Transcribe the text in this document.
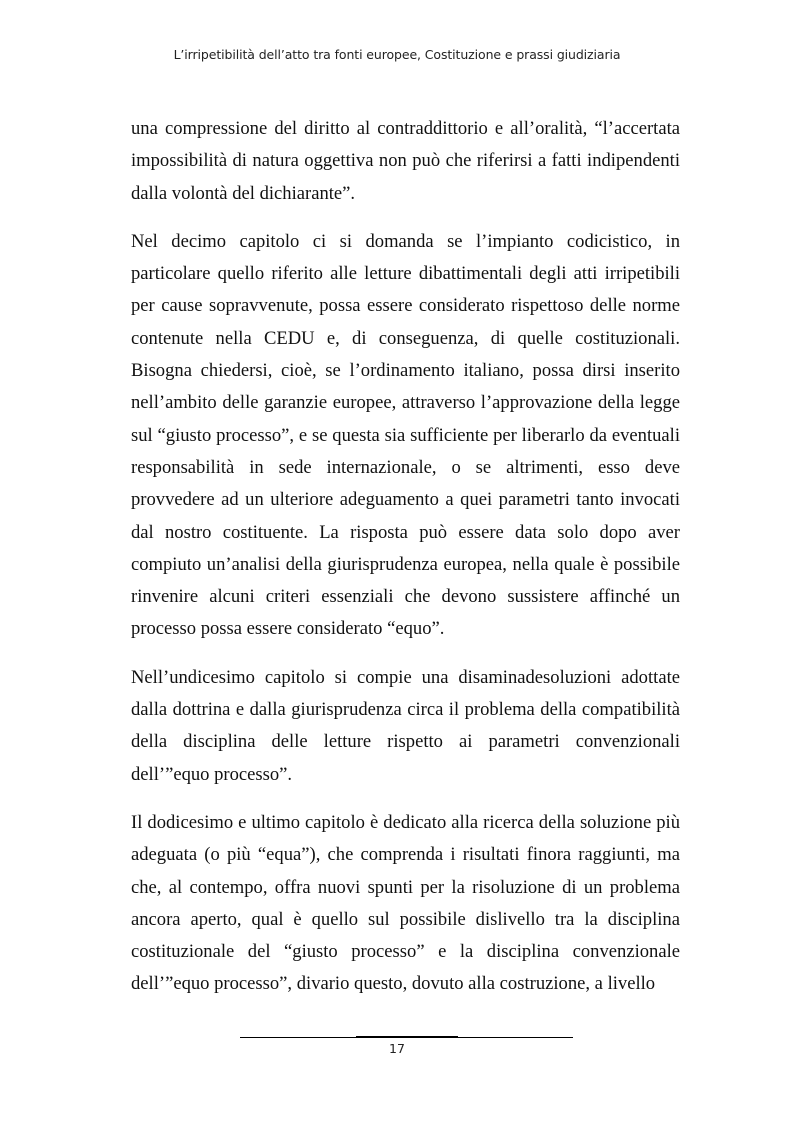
L’irripetibilità dell’atto tra fonti europee, Costituzione e prassi giudiziaria

una compressione del diritto al contraddittorio e all’oralità, “l’accertata impossibilità di natura oggettiva non può che riferirsi a fatti indipendenti dalla volontà del dichiarante”.

Nel decimo capitolo ci si domanda se l’impianto codicistico, in particolare quello riferito alle letture dibattimentali degli atti irripetibili per cause sopravvenute, possa essere considerato rispettoso delle norme contenute nella CEDU e, di conseguenza, di quelle costituzionali. Bisogna chiedersi, cioè, se l’ordinamento italiano, possa dirsi inserito nell’ambito delle garanzie europee, attraverso l’approvazione della legge sul “giusto processo”, e se questa sia sufficiente per liberarlo da eventuali responsabilità in sede internazionale, o se altrimenti, esso deve provvedere ad un ulteriore adeguamento a quei parametri tanto invocati dal nostro costituente. La risposta può essere data solo dopo aver compiuto un’analisi della giurisprudenza europea, nella quale è possibile rinvenire alcuni criteri essenziali che devono sussistere affinché un processo possa essere considerato “equo”.

Nell’undicesimo capitolo si compie una disaminadesoluzioni adottate dalla dottrina e dalla giurisprudenza circa il problema della compatibilità della disciplina delle letture rispetto ai parametri convenzionali dell’”equo processo”.

Il dodicesimo e ultimo capitolo è dedicato alla ricerca della soluzione più adeguata (o più “equa”), che comprenda i risultati finora raggiunti, ma che, al contempo, offra nuovi spunti per la risoluzione di un problema ancora aperto, qual è quello sul possibile dislivello tra la disciplina costituzionale del “giusto processo” e la disciplina convenzionale dell’”equo processo”, divario questo, dovuto alla costruzione, a livello

17
